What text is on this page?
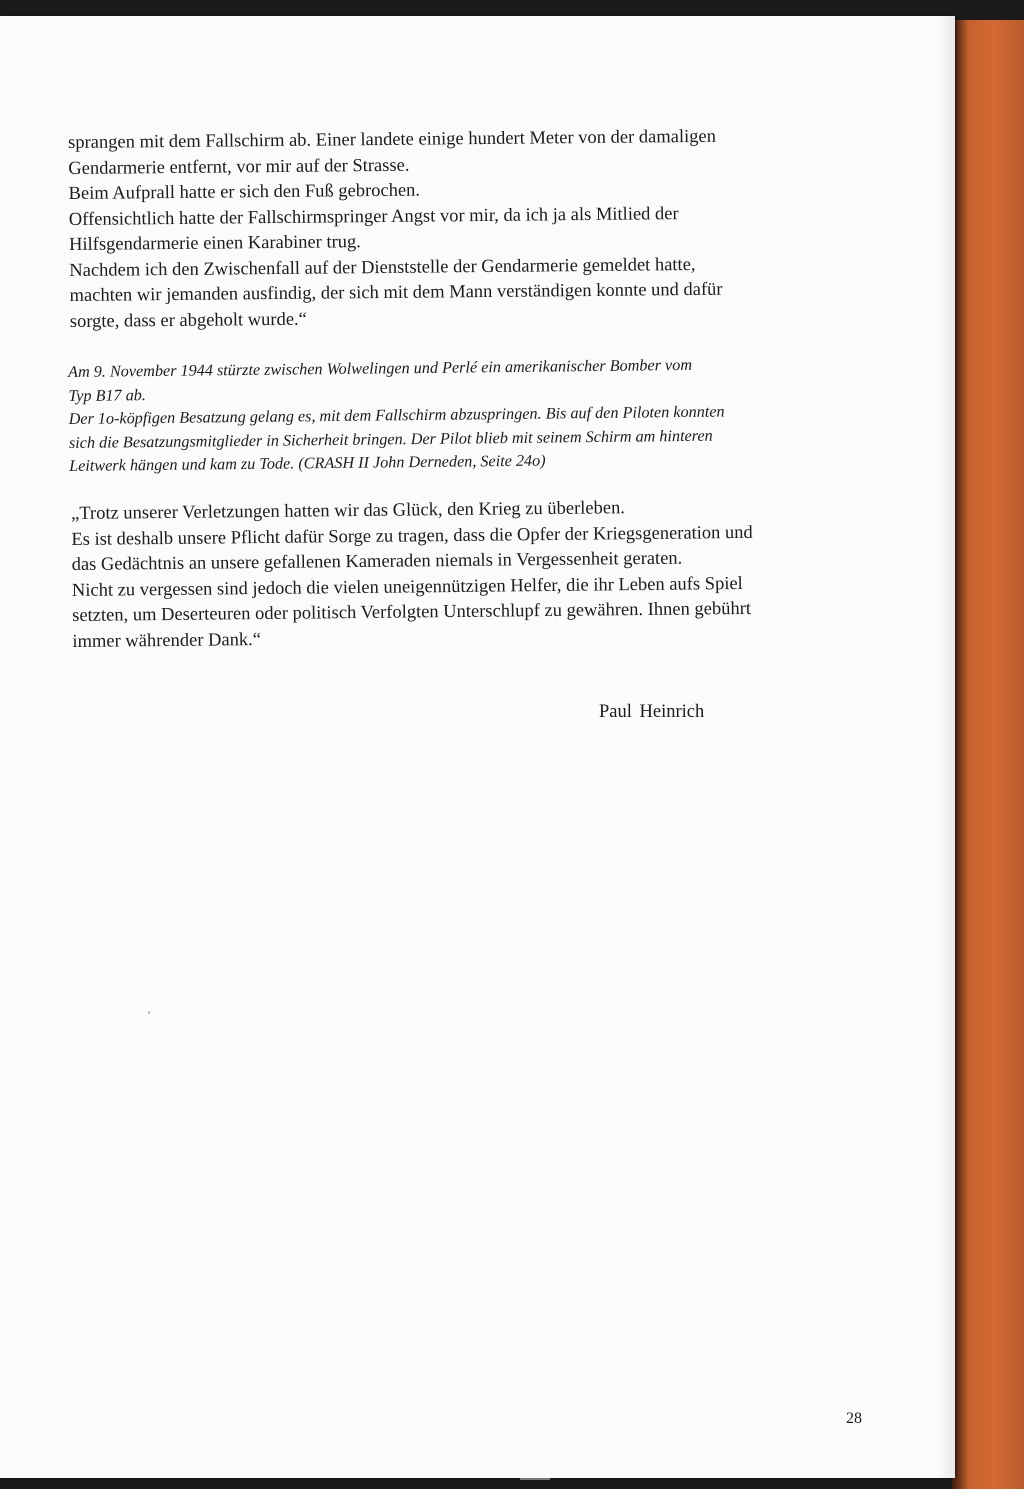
sprangen mit dem Fallschirm ab. Einer landete einige hundert Meter von der damaligen

Gendarmerie entfernt, vor mir auf der Strasse.

Beim Aufprall hatte er sich den Fuß gebrochen.

Offensichtlich hatte der Fallschirmspringer Angst vor mir, da ich ja als Mitlied der

Hilfsgendarmerie einen Karabiner trug.

Nachdem ich den Zwischenfall auf der Dienststelle der Gendarmerie gemeldet hatte,

machten wir jemanden ausfindig, der sich mit dem Mann verständigen konnte und dafür

sorgte, dass er abgeholt wurde.“

Am 9. November 1944 stürzte zwischen Wolwelingen und Perlé ein amerikanischer Bomber vom

Typ B17 ab.

Der 1o-köpfigen Besatzung gelang es, mit dem Fallschirm abzuspringen. Bis auf den Piloten konnten

sich die Besatzungsmitglieder in Sicherheit bringen. Der Pilot blieb mit seinem Schirm am hinteren

Leitwerk hängen und kam zu Tode. (CRASH II John Derneden, Seite 24o)

„Trotz unserer Verletzungen hatten wir das Glück, den Krieg zu überleben.

Es ist deshalb unsere Pflicht dafür Sorge zu tragen, dass die Opfer der Kriegsgeneration und

das Gedächtnis an unsere gefallenen Kameraden niemals in Vergessenheit geraten.

Nicht zu vergessen sind jedoch die vielen uneigennützigen Helfer, die ihr Leben aufs Spiel

setzten, um Deserteuren oder politisch Verfolgten Unterschlupf zu gewähren. Ihnen gebührt

immer währender Dank.“

Paul Heinrich
28
